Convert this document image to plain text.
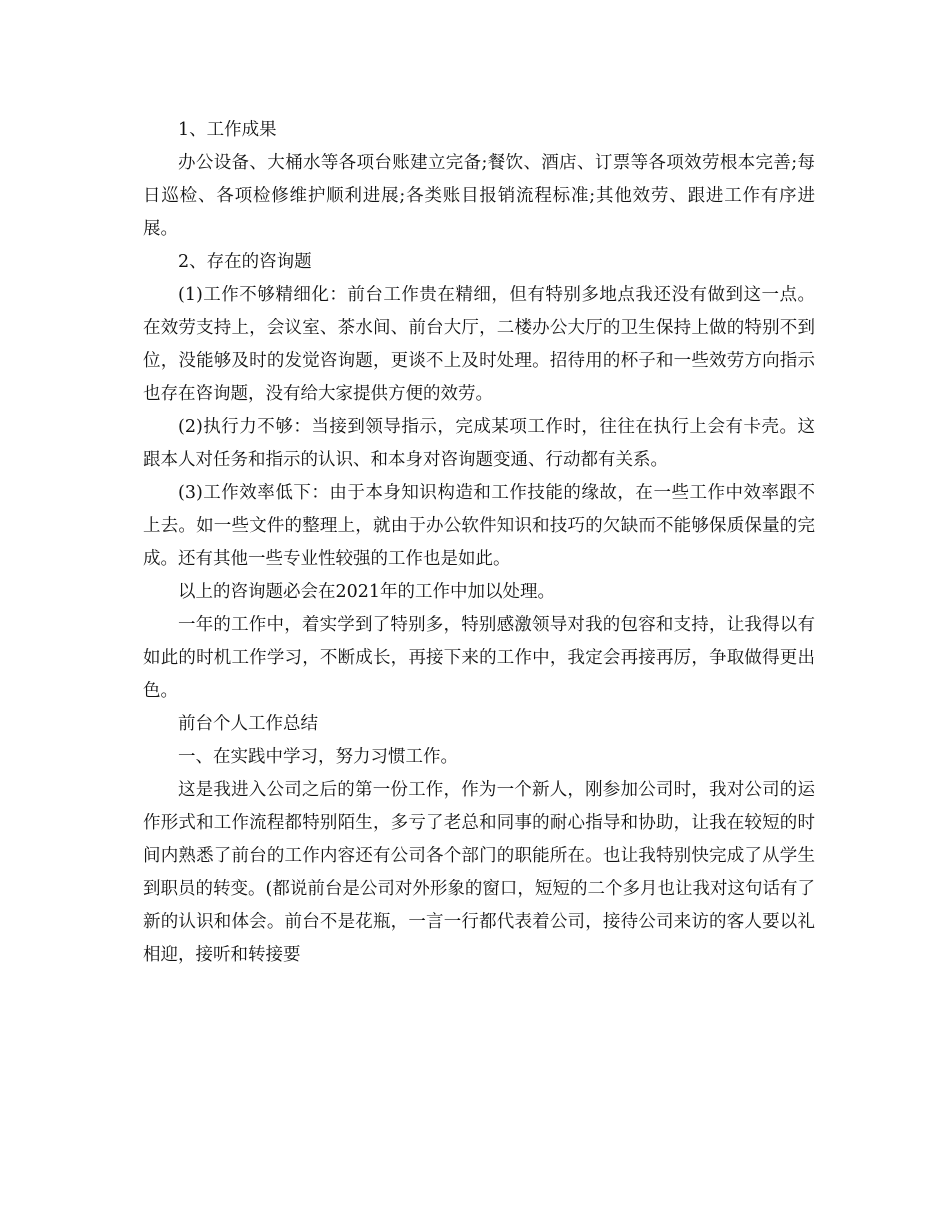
1、工作成果

办公设备、大桶水等各项台账建立完备;餐饮、酒店、订票等各项效劳根本完善;每日巡检、各项检修维护顺利进展;各类账目报销流程标准;其他效劳、跟进工作有序进展。

2、存在的咨询题

(1)工作不够精细化：前台工作贵在精细，但有特别多地点我还没有做到这一点。在效劳支持上，会议室、茶水间、前台大厅，二楼办公大厅的卫生保持上做的特别不到位，没能够及时的发觉咨询题，更谈不上及时处理。招待用的杯子和一些效劳方向指示也存在咨询题，没有给大家提供方便的效劳。

(2)执行力不够：当接到领导指示，完成某项工作时，往往在执行上会有卡壳。这跟本人对任务和指示的认识、和本身对咨询题变通、行动都有关系。

(3)工作效率低下：由于本身知识构造和工作技能的缘故，在一些工作中效率跟不上去。如一些文件的整理上，就由于办公软件知识和技巧的欠缺而不能够保质保量的完成。还有其他一些专业性较强的工作也是如此。

以上的咨询题必会在2021年的工作中加以处理。

一年的工作中，着实学到了特别多，特别感激领导对我的包容和支持，让我得以有如此的时机工作学习，不断成长，再接下来的工作中，我定会再接再厉，争取做得更出色。

前台个人工作总结

一、在实践中学习，努力习惯工作。

这是我进入公司之后的第一份工作，作为一个新人，刚参加公司时，我对公司的运作形式和工作流程都特别陌生，多亏了老总和同事的耐心指导和协助，让我在较短的时间内熟悉了前台的工作内容还有公司各个部门的职能所在。也让我特别快完成了从学生到职员的转变。(都说前台是公司对外形象的窗口，短短的二个多月也让我对这句话有了新的认识和体会。前台不是花瓶，一言一行都代表着公司，接待公司来访的客人要以礼相迎，接听和转接要
